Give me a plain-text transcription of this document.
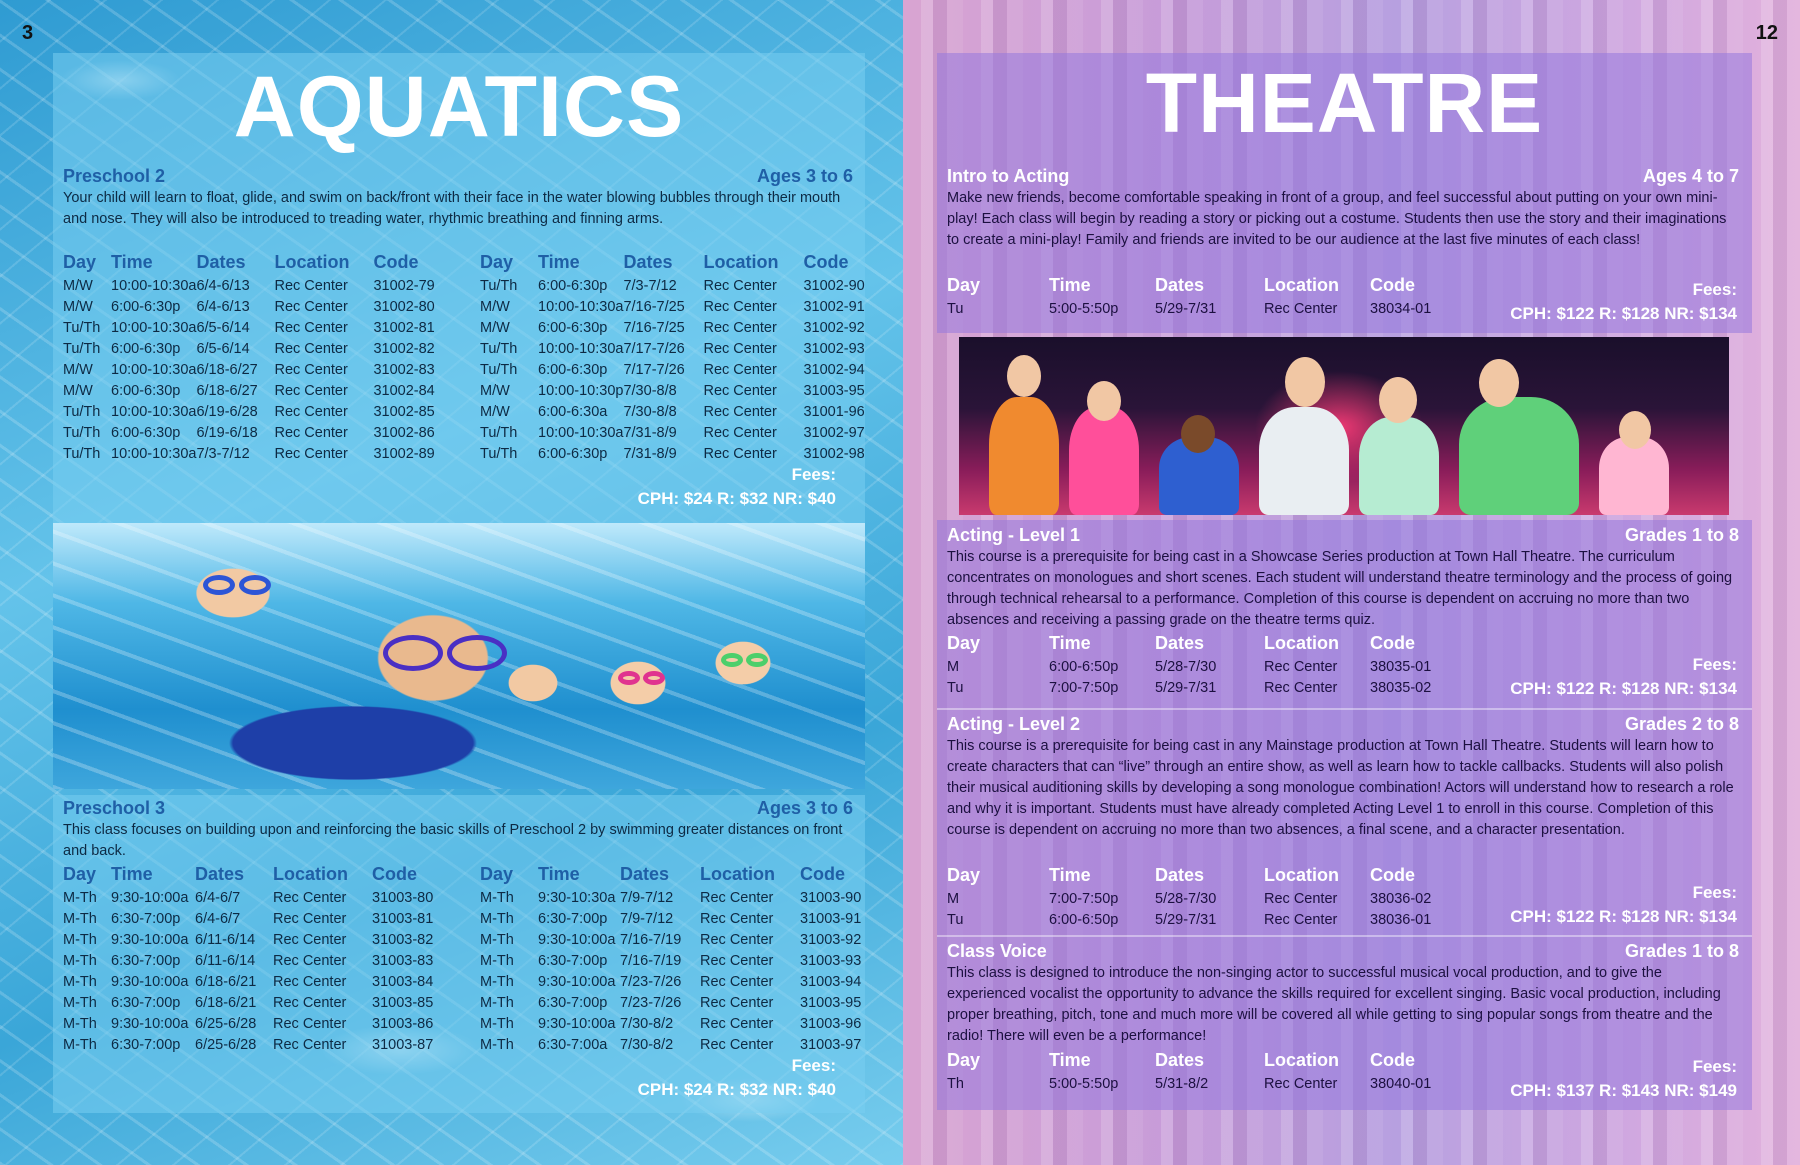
3
AQUATICS
Preschool 2	Ages 3 to 6
Your child will learn to float, glide, and swim on back/front with their face in the water blowing bubbles through their mouth and nose. They will also be introduced to treading water, rhythmic breathing and finning arms.
Day	Time	Dates	Location	Code
M/W	10:00-10:30a	6/4-6/13	Rec Center	31002-79
M/W	6:00-6:30p	6/4-6/13	Rec Center	31002-80
Tu/Th	10:00-10:30a	6/5-6/14	Rec Center	31002-81
Tu/Th	6:00-6:30p	6/5-6/14	Rec Center	31002-82
M/W	10:00-10:30a	6/18-6/27	Rec Center	31002-83
M/W	6:00-6:30p	6/18-6/27	Rec Center	31002-84
Tu/Th	10:00-10:30a	6/19-6/28	Rec Center	31002-85
Tu/Th	6:00-6:30p	6/19-6/18	Rec Center	31002-86
Tu/Th	10:00-10:30a	7/3-7/12	Rec Center	31002-89
Day	Time	Dates	Location	Code
Tu/Th	6:00-6:30p	7/3-7/12	Rec Center	31002-90
M/W	10:00-10:30a	7/16-7/25	Rec Center	31002-91
M/W	6:00-6:30p	7/16-7/25	Rec Center	31002-92
Tu/Th	10:00-10:30a	7/17-7/26	Rec Center	31002-93
Tu/Th	6:00-6:30p	7/17-7/26	Rec Center	31002-94
M/W	10:00-10:30p	7/30-8/8	Rec Center	31003-95
M/W	6:00-6:30a	7/30-8/8	Rec Center	31001-96
Tu/Th	10:00-10:30a	7/31-8/9	Rec Center	31002-97
Tu/Th	6:00-6:30p	7/31-8/9	Rec Center	31002-98
Fees:
CPH: $24 R: $32 NR: $40
Preschool 3	Ages 3 to 6
This class focuses on building upon and reinforcing the basic skills of Preschool 2 by swimming greater distances on front and back.
Day	Time	Dates	Location	Code
M-Th	9:30-10:00a	6/4-6/7	Rec Center	31003-80
M-Th	6:30-7:00p	6/4-6/7	Rec Center	31003-81
M-Th	9:30-10:00a	6/11-6/14	Rec Center	31003-82
M-Th	6:30-7:00p	6/11-6/14	Rec Center	31003-83
M-Th	9:30-10:00a	6/18-6/21	Rec Center	31003-84
M-Th	6:30-7:00p	6/18-6/21	Rec Center	31003-85
M-Th	9:30-10:00a	6/25-6/28	Rec Center	31003-86
M-Th	6:30-7:00p	6/25-6/28	Rec Center	31003-87
Day	Time	Dates	Location	Code
M-Th	9:30-10:30a	7/9-7/12	Rec Center	31003-90
M-Th	6:30-7:00p	7/9-7/12	Rec Center	31003-91
M-Th	9:30-10:00a	7/16-7/19	Rec Center	31003-92
M-Th	6:30-7:00p	7/16-7/19	Rec Center	31003-93
M-Th	9:30-10:00a	7/23-7/26	Rec Center	31003-94
M-Th	6:30-7:00p	7/23-7/26	Rec Center	31003-95
M-Th	9:30-10:00a	7/30-8/2	Rec Center	31003-96
M-Th	6:30-7:00a	7/30-8/2	Rec Center	31003-97
Fees:
CPH: $24 R: $32 NR: $40
12
THEATRE
Intro to Acting	Ages 4 to 7
Make new friends, become comfortable speaking in front of a group, and feel successful about putting on your own mini-play! Each class will begin by reading a story or picking out a costume. Students then use the story and their imaginations to create a mini-play! Family and friends are invited to be our audience at the last five minutes of each class!
Day	Time	Dates	Location	Code
Tu	5:00-5:50p	5/29-7/31	Rec Center	38034-01
Fees:
CPH: $122 R: $128 NR: $134
Acting - Level 1	Grades 1 to 8
This course is a prerequisite for being cast in a Showcase Series production at Town Hall Theatre. The curriculum concentrates on monologues and short scenes. Each student will understand theatre terminology and the process of going through technical rehearsal to a performance. Completion of this course is dependent on accruing no more than two absences and receiving a passing grade on the theatre terms quiz.
Day	Time	Dates	Location	Code
M	6:00-6:50p	5/28-7/30	Rec Center	38035-01
Tu	7:00-7:50p	5/29-7/31	Rec Center	38035-02
Fees:
CPH: $122 R: $128 NR: $134
Acting - Level 2	Grades 2 to 8
This course is a prerequisite for being cast in any Mainstage production at Town Hall Theatre. Students will learn how to create characters that can “live” through an entire show, as well as learn how to tackle callbacks. Students will also polish their musical auditioning skills by developing a song monologue combination! Actors will understand how to research a role and why it is important. Students must have already completed Acting Level 1 to enroll in this course. Completion of this course is dependent on accruing no more than two absences, a final scene, and a character presentation.
Day	Time	Dates	Location	Code
M	7:00-7:50p	5/28-7/30	Rec Center	38036-02
Tu	6:00-6:50p	5/29-7/31	Rec Center	38036-01
Fees:
CPH: $122 R: $128 NR: $134
Class Voice	Grades 1 to 8
This class is designed to introduce the non-singing actor to successful musical vocal production, and to give the experienced vocalist the opportunity to advance the skills required for excellent singing. Basic vocal production, including proper breathing, pitch, tone and much more will be covered all while getting to sing popular songs from theatre and the radio! There will even be a performance!
Day	Time	Dates	Location	Code
Th	5:00-5:50p	5/31-8/2	Rec Center	38040-01
Fees:
CPH: $137 R: $143 NR: $149
